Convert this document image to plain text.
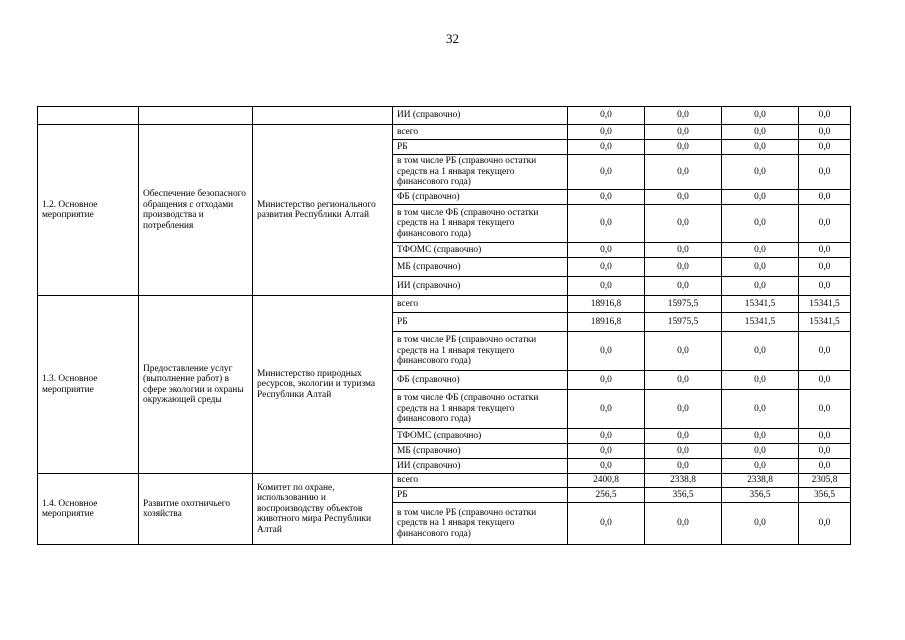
32
			ИИ (справочно)	0,0	0,0	0,0	0,0
1.2. Основное мероприятие	Обеспечение безопасного обращения с отходами производства и потребления	Министерство регионального развития Республики Алтай	всего	0,0	0,0	0,0	0,0
			РБ	0,0	0,0	0,0	0,0
			в том числе РБ (справочно остатки средств на 1 января текущего финансового года)	0,0	0,0	0,0	0,0
			ФБ (справочно)	0,0	0,0	0,0	0,0
			в том числе ФБ (справочно остатки средств на 1 января текущего финансового года)	0,0	0,0	0,0	0,0
			ТФОМС (справочно)	0,0	0,0	0,0	0,0
			МБ (справочно)	0,0	0,0	0,0	0,0
			ИИ (справочно)	0,0	0,0	0,0	0,0
1.3. Основное мероприятие	Предоставление услуг (выполнение работ) в сфере экологии и охраны окружающей среды	Министерство природных ресурсов, экологии и туризма Республики Алтай	всего	18916,8	15975,5	15341,5	15341,5
			РБ	18916,8	15975,5	15341,5	15341,5
			в том числе РБ (справочно остатки средств на 1 января текущего финансового года)	0,0	0,0	0,0	0,0
			ФБ (справочно)	0,0	0,0	0,0	0,0
			в том числе ФБ (справочно остатки средств на 1 января текущего финансового года)	0,0	0,0	0,0	0,0
			ТФОМС (справочно)	0,0	0,0	0,0	0,0
			МБ (справочно)	0,0	0,0	0,0	0,0
			ИИ (справочно)	0,0	0,0	0,0	0,0
1.4. Основное мероприятие	Развитие охотничьего хозяйства	Комитет по охране, использованию и воспроизводству объектов животного мира Республики Алтай	всего	2400,8	2338,8	2338,8	2305,8
			РБ	256,5	356,5	356,5	356,5
			в том числе РБ (справочно остатки средств на 1 января текущего финансового года)	0,0	0,0	0,0	0,0
